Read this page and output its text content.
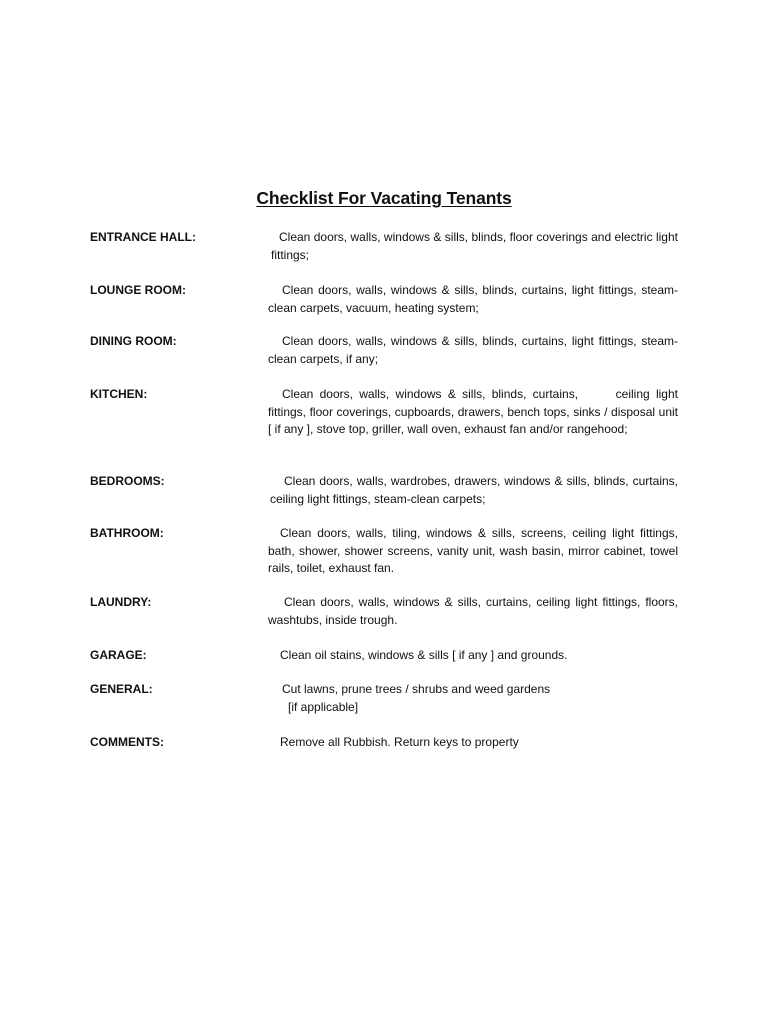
Checklist For Vacating Tenants
ENTRANCE HALL:	Clean doors, walls, windows & sills, blinds, floor coverings and electric light fittings;
LOUNGE ROOM:	Clean doors, walls, windows & sills, blinds, curtains, light fittings, steam-clean carpets, vacuum, heating system;
DINING ROOM:	Clean doors, walls, windows & sills, blinds, curtains, light fittings, steam-clean carpets, if any;
KITCHEN:	Clean doors, walls, windows & sills, blinds, curtains,      ceiling light fittings, floor coverings, cupboards, drawers, bench tops, sinks / disposal unit [ if any ], stove top, griller, wall oven, exhaust fan and/or rangehood;
BEDROOMS:	Clean doors, walls, wardrobes, drawers, windows & sills, blinds, curtains, ceiling light fittings, steam-clean carpets;
BATHROOM:	Clean doors, walls, tiling, windows & sills, screens, ceiling light fittings, bath, shower, shower screens, vanity unit, wash basin, mirror cabinet, towel rails, toilet, exhaust fan.
LAUNDRY:	Clean doors, walls, windows & sills, curtains, ceiling light fittings, floors, washtubs, inside trough.
GARAGE:	Clean oil stains, windows & sills [ if any ] and grounds.
GENERAL:	Cut lawns, prune trees / shrubs and weed gardens
[if applicable]
COMMENTS:	Remove all Rubbish. Return keys to property
